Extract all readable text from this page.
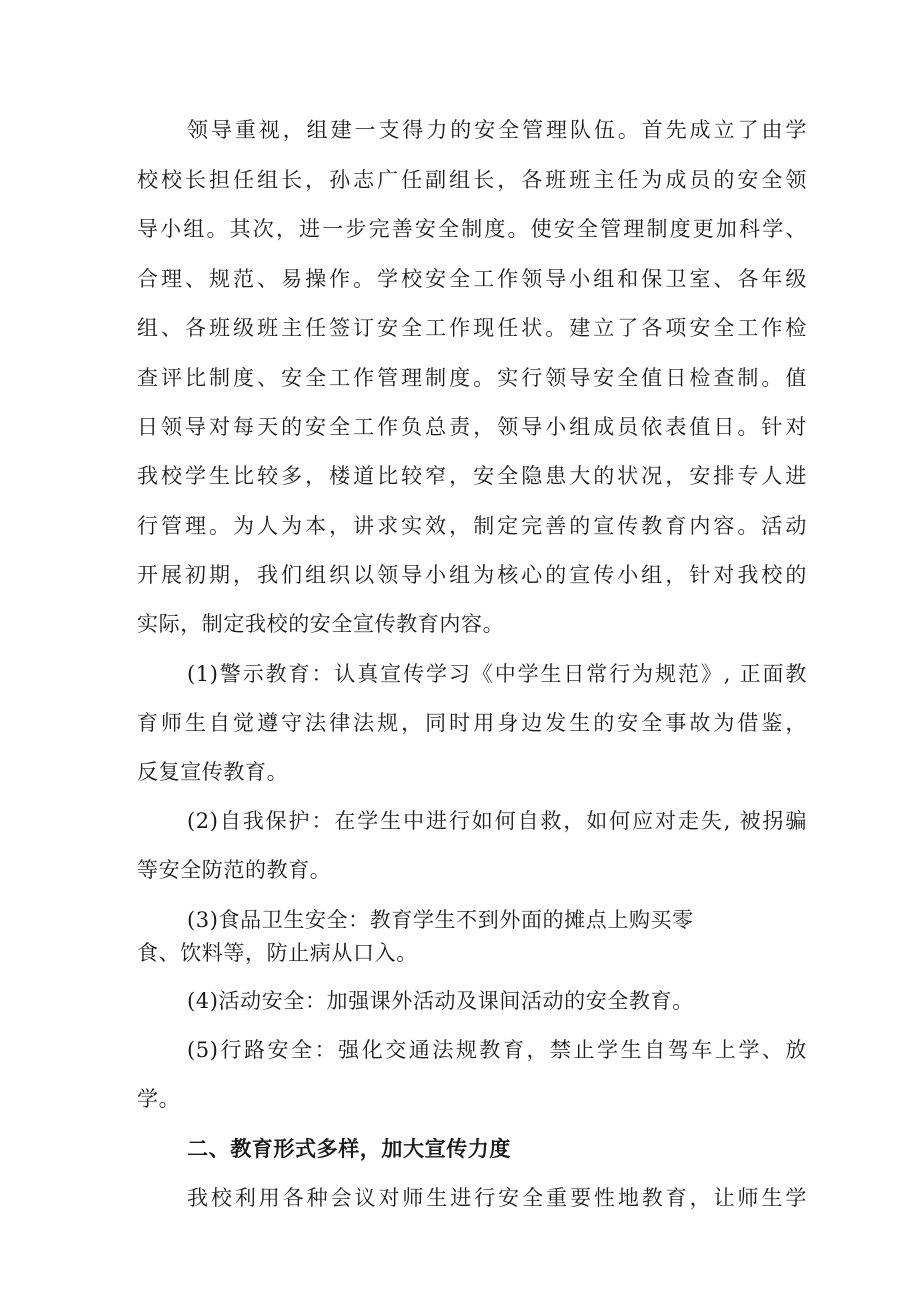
领导重视，组建一支得力的安全管理队伍。首先成立了由学
校校长担任组长，孙志广任副组长，各班班主任为成员的安全领
导小组。其次，进一步完善安全制度。使安全管理制度更加科学、
合理、规范、易操作。学校安全工作领导小组和保卫室、各年级
组、各班级班主任签订安全工作现任状。建立了各项安全工作检
查评比制度、安全工作管理制度。实行领导安全值日检查制。值
日领导对每天的安全工作负总责，领导小组成员依表值日。针对
我校学生比较多，楼道比较窄，安全隐患大的状况，安排专人进
行管理。为人为本，讲求实效，制定完善的宣传教育内容。活动
开展初期，我们组织以领导小组为核心的宣传小组，针对我校的
实际，制定我校的安全宣传教育内容。
(1)警示教育：认真宣传学习《中学生日常行为规范》, 正面教
育师生自觉遵守法律法规，同时用身边发生的安全事故为借鉴，
反复宣传教育。
(2)自我保护：在学生中进行如何自救，如何应对走失, 被拐骗
等安全防范的教育。
(3)食品卫生安全：教育学生不到外面的摊点上购买零
食、饮料等，防止病从口入。
(4)活动安全：加强课外活动及课间活动的安全教育。
(5)行路安全：强化交通法规教育，禁止学生自驾车上学、放
学。
二、教育形式多样，加大宣传力度
我校利用各种会议对师生进行安全重要性地教育，让师生学
